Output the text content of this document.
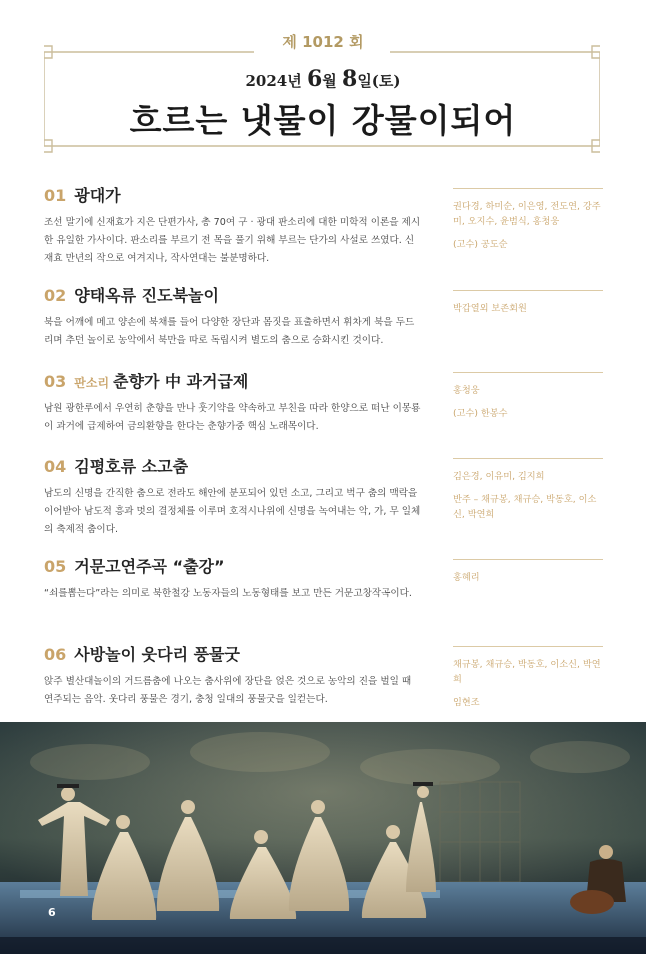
제 1012 회
2024년 6월 8일(토)
흐르는 냇물이 강물이되어
01 광대가
조선 말기에 신재효가 지은 단편가사, 총 70여 구 · 광대 판소리에 대한 미학적 이론을 제시한 유일한 가사이다. 판소리를 부르기 전 목을 풀기 위해 부르는 단가의 사설로 쓰였다. 신재효 만년의 작으로 여겨지나, 작사연대는 불분명하다.

권다경, 하미순, 이은영, 전도연, 강주미, 오지수, 윤범식, 홍청웅

(고수) 공도순

02 양태옥류 진도북놀이
북을 어깨에 메고 양손에 북채를 들어 다양한 장단과 몸짓을 표출하면서 휘차게 북을 두드리며 추던 놀이로 농악에서 북만을 따로 독립시켜 별도의 춤으로 승화시킨 것이다.

박갑열외 보존회원

03 판소리 춘향가 中 과거급제
남원 광한루에서 우연히 춘향을 만나 훗기약을 약속하고 부친을 따라 한양으로 떠난 이몽룡이 과거에 급제하여 금의환향을 한다는 춘향가중 핵심 노래목이다.

홍청웅

(고수) 한봉수

04 김평호류 소고춤
남도의 신명을 간직한 춤으로 전라도 해안에 분포되어 있던 소고, 그리고 벅구 춤의 맥락을 이어받아 남도적 흥과 멋의 결정체를 이루며 호적시나위에 신명을 녹여내는 악, 가, 무 일체의 축제적 춤이다.

김은경, 이유미, 김지희

반주 – 채규봉, 채규승, 박동호, 이소신, 박연희

05 거문고연주곡 “출강”
“쇠를뽑는다”라는 의미로 북한철강 노동자들의 노동형태를 보고 만든 거문고창작곡이다.

홍혜리

06 사방놀이 웃다리 풍물굿
앉주 별산대놀이의 거드름춤에 나오는 춤사위에 장단을 얹은 것으로 농악의 진을 벌일 때 연주되는 음악. 웃다리 풍물은 경기, 충청 일대의 풍물굿을 일컫는다.

채규봉, 채규승, 박동호, 이소신, 박연희

임현조

6
